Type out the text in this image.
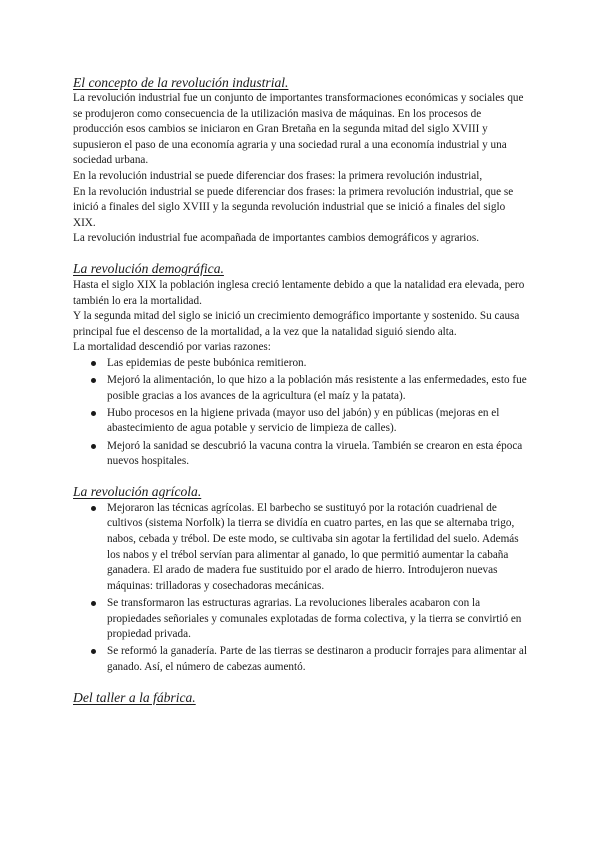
El concepto de la revolución industrial.

La revolución industrial fue un conjunto de importantes transformaciones económicas y sociales que se produjeron como consecuencia de la utilización masiva de máquinas. En los procesos de producción esos cambios se iniciaron en Gran Bretaña en la segunda mitad del siglo XVIII y supusieron el paso de una economía agraria y una sociedad rural a una economía industrial y una sociedad urbana.

En la revolución industrial se puede diferenciar dos frases: la primera revolución industrial,

En la revolución industrial se puede diferenciar dos frases: la primera revolución industrial, que se inició a finales del siglo XVIII y la segunda revolución industrial que se inició a finales del siglo XIX.

La revolución industrial fue acompañada de importantes cambios demográficos y agrarios.

La revolución demográfica.

Hasta el siglo XIX la población inglesa creció lentamente debido a que la natalidad era elevada, pero también lo era la mortalidad.

Y la segunda mitad del siglo se inició un crecimiento demográfico importante y sostenido. Su causa principal fue el descenso de la mortalidad, a la vez que la natalidad siguió siendo alta.

La mortalidad descendió por varias razones:

Las epidemias de peste bubónica remitieron.
Mejoró la alimentación, lo que hizo a la población más resistente a las enfermedades, esto fue posible gracias a los avances de la agricultura (el maíz y la patata).
Hubo procesos en la higiene privada (mayor uso del jabón) y en públicas (mejoras en el abastecimiento de agua potable y servicio de limpieza de calles).
Mejoró la sanidad se descubrió la vacuna contra la viruela. También se crearon en esta época nuevos hospitales.
La revolución agrícola.
Mejoraron las técnicas agrícolas. El barbecho se sustituyó por la rotación cuadrienal de cultivos (sistema Norfolk) la tierra se dividía en cuatro partes, en las que se alternaba trigo, nabos, cebada y trébol. De este modo, se cultivaba sin agotar la fertilidad del suelo. Además los nabos y el trébol servían para alimentar al ganado, lo que permitió aumentar la cabaña ganadera. El arado de madera fue sustituido por el arado de hierro. Introdujeron nuevas máquinas: trilladoras y cosechadoras mecánicas.
Se transformaron las estructuras agrarias. La revoluciones liberales acabaron con la propiedades señoriales y comunales explotadas de forma colectiva, y la tierra se convirtió en propiedad privada.
Se reformó la ganadería. Parte de las tierras se destinaron a producir forrajes para alimentar al ganado. Así, el número de cabezas aumentó.
Del taller a la fábrica.
